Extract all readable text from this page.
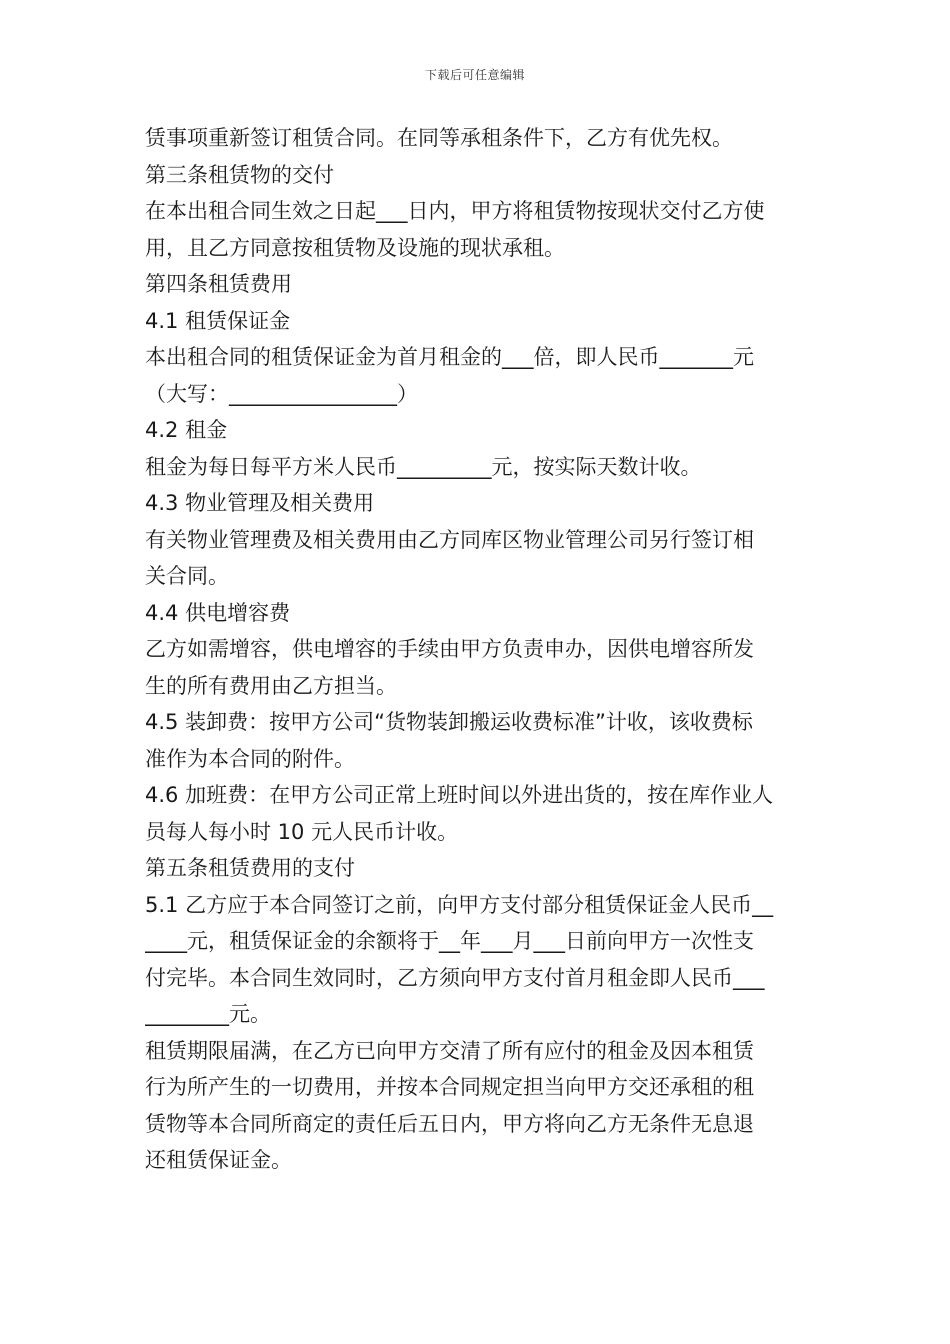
下载后可任意编辑
赁事项重新签订租赁合同。在同等承租条件下，乙方有优先权。
第三条租赁物的交付
在本出租合同生效之日起___日内，甲方将租赁物按现状交付乙方使
用，且乙方同意按租赁物及设施的现状承租。
第四条租赁费用
4.1 租赁保证金
本出租合同的租赁保证金为首月租金的___倍，即人民币_______元
（大写：________________）
4.2 租金
租金为每日每平方米人民币_________元，按实际天数计收。
4.3 物业管理及相关费用
有关物业管理费及相关费用由乙方同库区物业管理公司另行签订相
关合同。
4.4 供电增容费
乙方如需增容，供电增容的手续由甲方负责申办，因供电增容所发
生的所有费用由乙方担当。
4.5 装卸费：按甲方公司“货物装卸搬运收费标准”计收，该收费标
准作为本合同的附件。
4.6 加班费：在甲方公司正常上班时间以外进出货的，按在库作业人
员每人每小时 10 元人民币计收。
第五条租赁费用的支付
5.1 乙方应于本合同签订之前，向甲方支付部分租赁保证金人民币__
____元，租赁保证金的余额将于__年___月___日前向甲方一次性支
付完毕。本合同生效同时，乙方须向甲方支付首月租金即人民币___
________元。
租赁期限届满，在乙方已向甲方交清了所有应付的租金及因本租赁
行为所产生的一切费用，并按本合同规定担当向甲方交还承租的租
赁物等本合同所商定的责任后五日内，甲方将向乙方无条件无息退
还租赁保证金。
